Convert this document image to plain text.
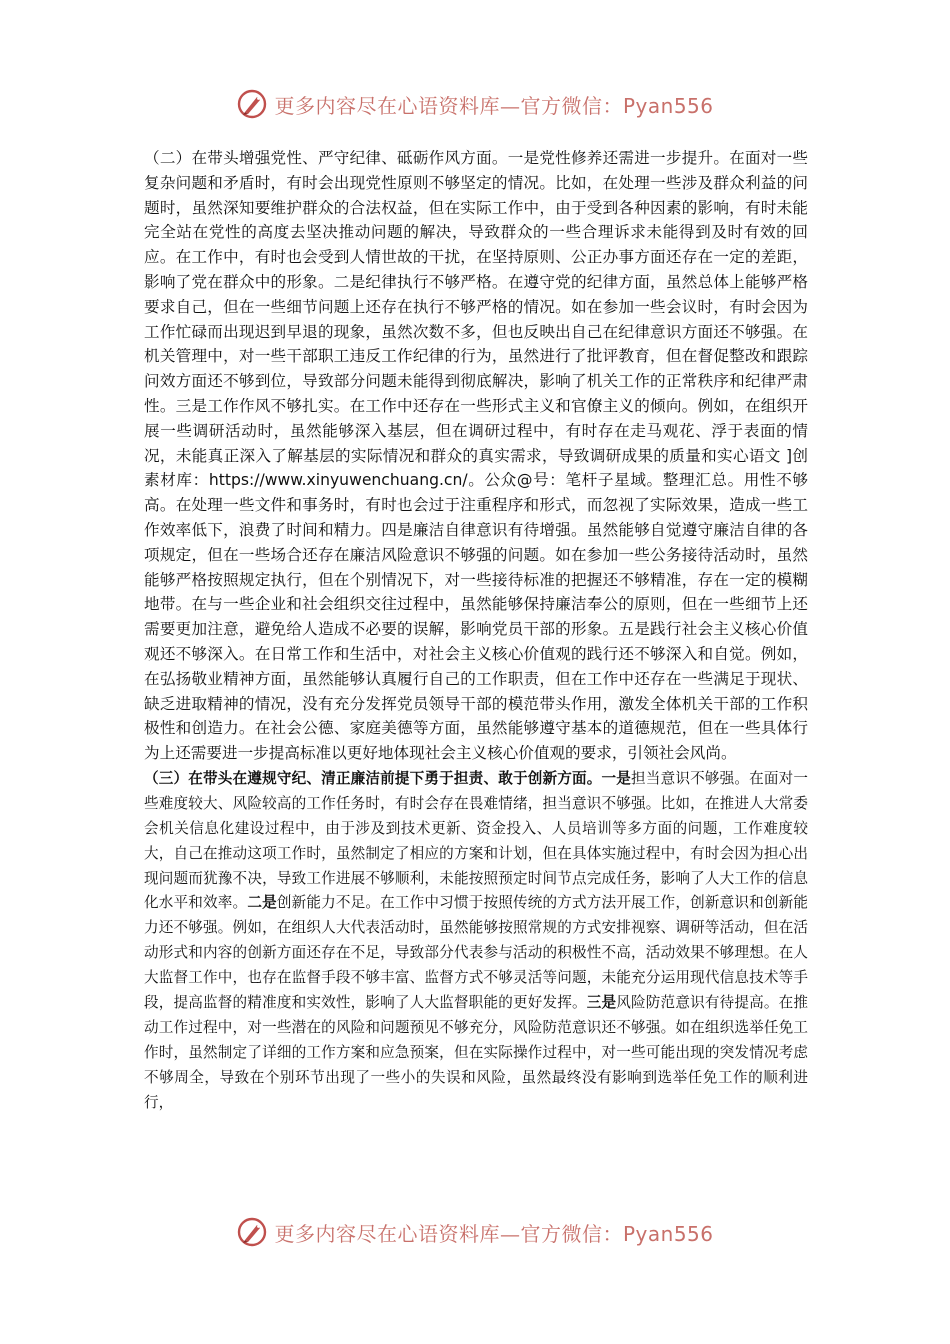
更多内容尽在心语资料库—官方微信：Pyan556

（二）在带头增强党性、严守纪律、砥砺作风方面。一是党性修养还需进一步提升。在面对一些复杂问题和矛盾时，有时会出现党性原则不够坚定的情况。比如，在处理一些涉及群众利益的问题时，虽然深知要维护群众的合法权益，但在实际工作中，由于受到各种因素的影响，有时未能完全站在党性的高度去坚决推动问题的解决，导致群众的一些合理诉求未能得到及时有效的回应。在工作中，有时也会受到人情世故的干扰，在坚持原则、公正办事方面还存在一定的差距，影响了党在群众中的形象。二是纪律执行不够严格。在遵守党的纪律方面，虽然总体上能够严格要求自己，但在一些细节问题上还存在执行不够严格的情况。如在参加一些会议时，有时会因为工作忙碌而出现迟到早退的现象，虽然次数不多，但也反映出自己在纪律意识方面还不够强。在机关管理中，对一些干部职工违反工作纪律的行为，虽然进行了批评教育，但在督促整改和跟踪问效方面还不够到位，导致部分问题未能得到彻底解决，影响了机关工作的正常秩序和纪律严肃性。三是工作作风不够扎实。在工作中还存在一些形式主义和官僚主义的倾向。例如，在组织开展一些调研活动时，虽然能够深入基层，但在调研过程中，有时存在走马观花、浮于表面的情况，未能真正深入了解基层的实际情况和群众的真实需求，导致调研成果的质量和实心语文 ]创素材库：https://www.xinyuwenchuang.cn/。公众@号：笔杆子星域。整理汇总。用性不够高。在处理一些文件和事务时，有时也会过于注重程序和形式，而忽视了实际效果，造成一些工作效率低下，浪费了时间和精力。四是廉洁自律意识有待增强。虽然能够自觉遵守廉洁自律的各项规定，但在一些场合还存在廉洁风险意识不够强的问题。如在参加一些公务接待活动时，虽然能够严格按照规定执行，但在个别情况下，对一些接待标准的把握还不够精准，存在一定的模糊地带。在与一些企业和社会组织交往过程中，虽然能够保持廉洁奉公的原则，但在一些细节上还需要更加注意，避免给人造成不必要的误解，影响党员干部的形象。五是践行社会主义核心价值观还不够深入。在日常工作和生活中，对社会主义核心价值观的践行还不够深入和自觉。例如，在弘扬敬业精神方面，虽然能够认真履行自己的工作职责，但在工作中还存在一些满足于现状、缺乏进取精神的情况，没有充分发挥党员领导干部的模范带头作用，激发全体机关干部的工作积极性和创造力。在社会公德、家庭美德等方面，虽然能够遵守基本的道德规范，但在一些具体行为上还需要进一步提高标准以更好地体现社会主义核心价值观的要求，引领社会风尚。

（三）在带头在遵规守纪、清正廉洁前提下勇于担责、敢于创新方面。一是担当意识不够强。在面对一些难度较大、风险较高的工作任务时，有时会存在畏难情绪，担当意识不够强。比如，在推进人大常委会机关信息化建设过程中，由于涉及到技术更新、资金投入、人员培训等多方面的问题，工作难度较大，自己在推动这项工作时，虽然制定了相应的方案和计划，但在具体实施过程中，有时会因为担心出现问题而犹豫不决，导致工作进展不够顺利，未能按照预定时间节点完成任务，影响了人大工作的信息化水平和效率。二是创新能力不足。在工作中习惯于按照传统的方式方法开展工作，创新意识和创新能力还不够强。例如，在组织人大代表活动时，虽然能够按照常规的方式安排视察、调研等活动，但在活动形式和内容的创新方面还存在不足，导致部分代表参与活动的积极性不高，活动效果不够理想。在人大监督工作中，也存在监督手段不够丰富、监督方式不够灵活等问题，未能充分运用现代信息技术等手段，提高监督的精准度和实效性，影响了人大监督职能的更好发挥。三是风险防范意识有待提高。在推动工作过程中，对一些潜在的风险和问题预见不够充分，风险防范意识还不够强。如在组织选举任免工作时，虽然制定了详细的工作方案和应急预案，但在实际操作过程中，对一些可能出现的突发情况考虑不够周全，导致在个别环节出现了一些小的失误和风险，虽然最终没有影响到选举任免工作的顺利进行，

更多内容尽在心语资料库—官方微信：Pyan556
